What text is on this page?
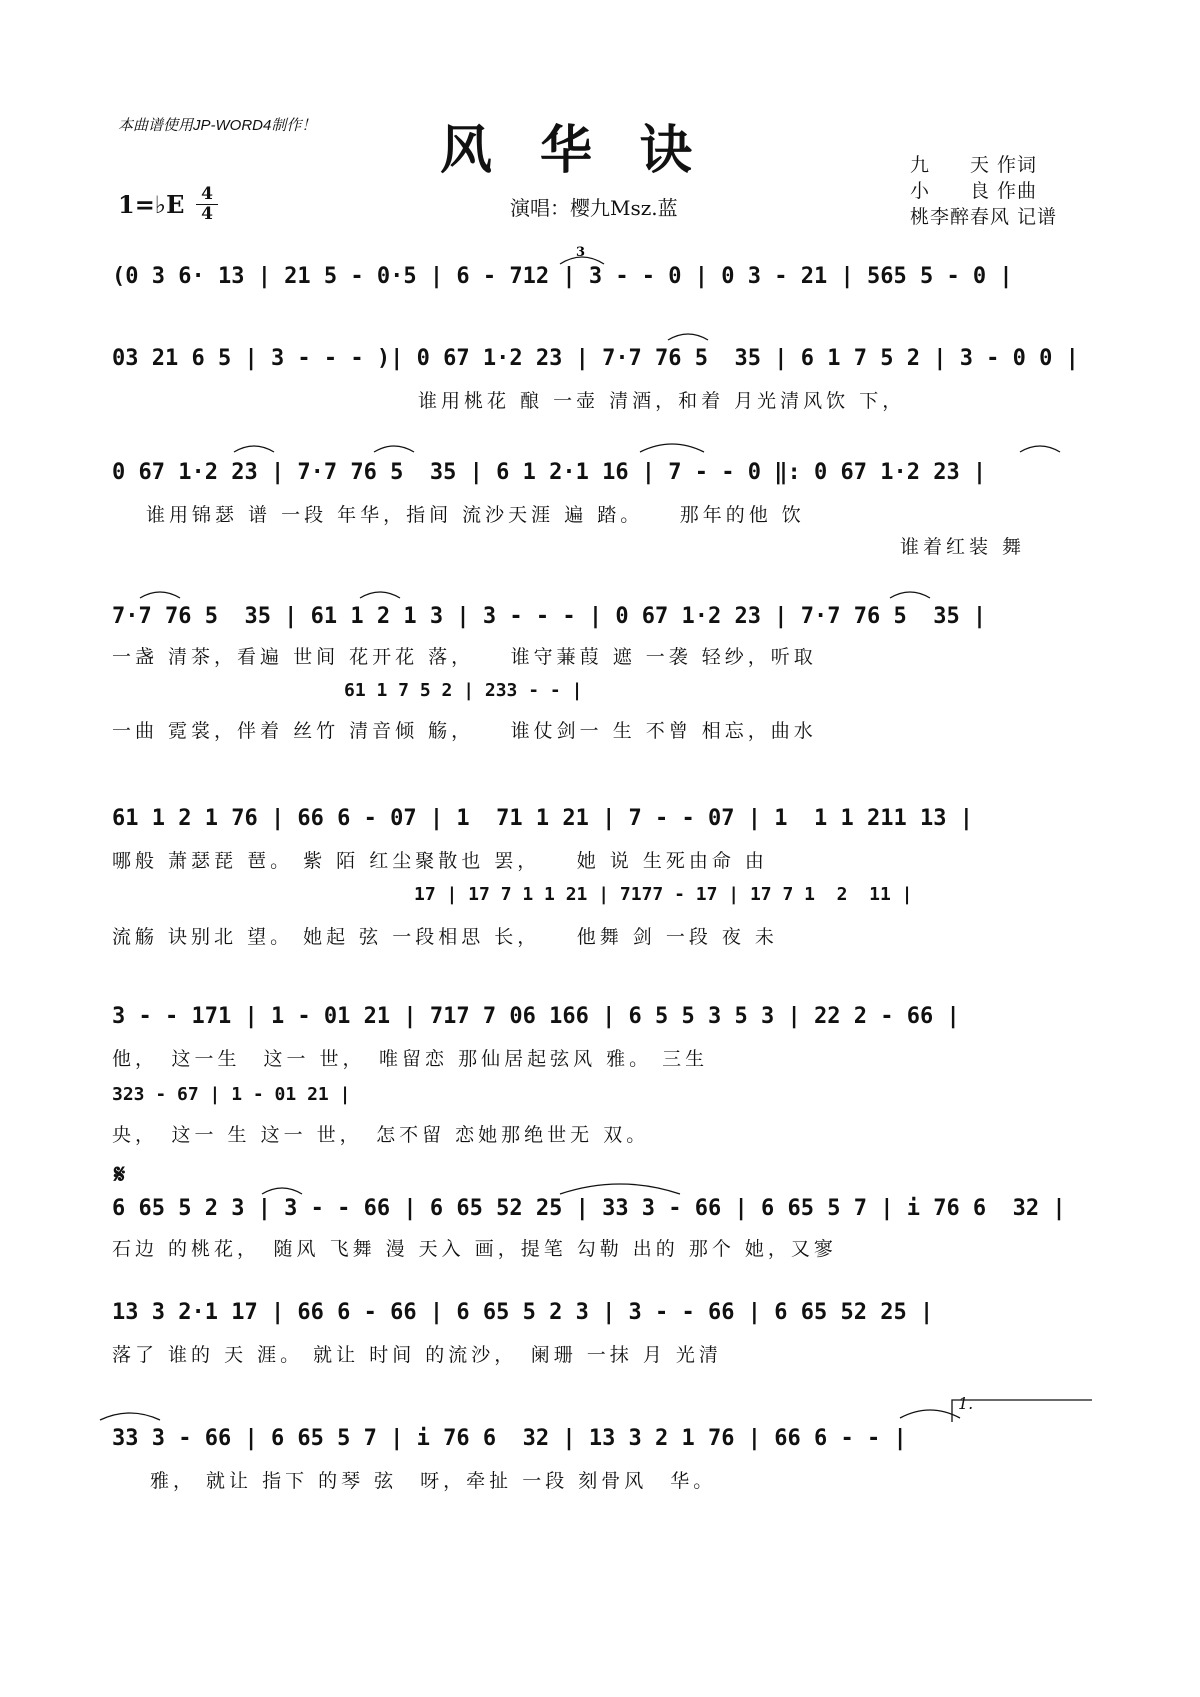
本曲谱使用JP-WORD4制作！ 风华诀
1=♭E 4
4	演唱：樱九Msz.蓝
九　　天 作词
小　　良 作曲
桃李醉春风 记谱
(0 3 6· 13 | 21 5 - 0·5 | 6 - 712 | 3 - - 0 | 0 3 - 21 | 565 5 - 0 |
03 21 6 5 | 3 - - - )| 0 67 1·2 23 | 7·7 76 5  35 | 6 1 7 5 2 | 3 - 0 0 |
谁用桃花 酿 一壶 清酒，和着 月光清风饮 下，
0 67 1·2 23 | 7·7 76 5  35 | 6 1 2·1 16 | 7 - - 0 ‖: 0 67 1·2 23 |
谁用锦瑟 谱 一段 年华，指间 流沙天涯 遍 踏。　　那年的他 饮
谁着红装 舞
7·7 76 5  35 | 61 1 2 1 3 | 3 - - - | 0 67 1·2 23 | 7·7 76 5  35 |
一盏 清茶，看遍 世间 花开花 落，　　谁守蒹葭 遮 一袭 轻纱，听取
61 1 7 5 2 | 233 - - |
一曲 霓裳，伴着 丝竹 清音倾 觞，　　谁仗剑一 生 不曾 相忘，曲水
61 1 2 1 76 | 66 6 - 07 | 1  71 1 21 | 7 - - 07 | 1  1 1 211 13 |
哪般 萧瑟琵 琶。 紫 陌 红尘聚散也 罢，　　她 说 生死由命 由
17 | 17 7 1 1 21 | 7177 - 17 | 17 7 1  2  11 |
流觞 诀别北 望。 她起 弦 一段相思 长，　　他舞 剑 一段 夜 未
3 - - 171 | 1 - 01 21 | 717 7 06 166 | 6 5 5 3 5 3 | 22 2 - 66 |
他，　这一生　这一 世，　唯留恋 那仙居起弦风 雅。 三生
323 - 67 | 1 - 01 21 |
央，　这一 生 这一 世，　怎不留 恋她那绝世无 双。
𝄋
6 65 5 2 3 | 3 - - 66 | 6 65 52 25 | 33 3 - 66 | 6 65 5 7 | i 76 6  32 |
石边 的桃花，　随风 飞舞 漫 天入 画，提笔 勾勒 出的 那个 她，又寥
13 3 2·1 17 | 66 6 - 66 | 6 65 5 2 3 | 3 - - 66 | 6 65 52 25 |
落了 谁的 天 涯。 就让 时间 的流沙，　阑珊 一抹 月 光清
1.
33 3 - 66 | 6 65 5 7 | i 76 6  32 | 13 3 2 1 76 | 66 6 - - |
雅， 就让 指下 的琴 弦　呀，牵扯 一段 刻骨风　华。
3
